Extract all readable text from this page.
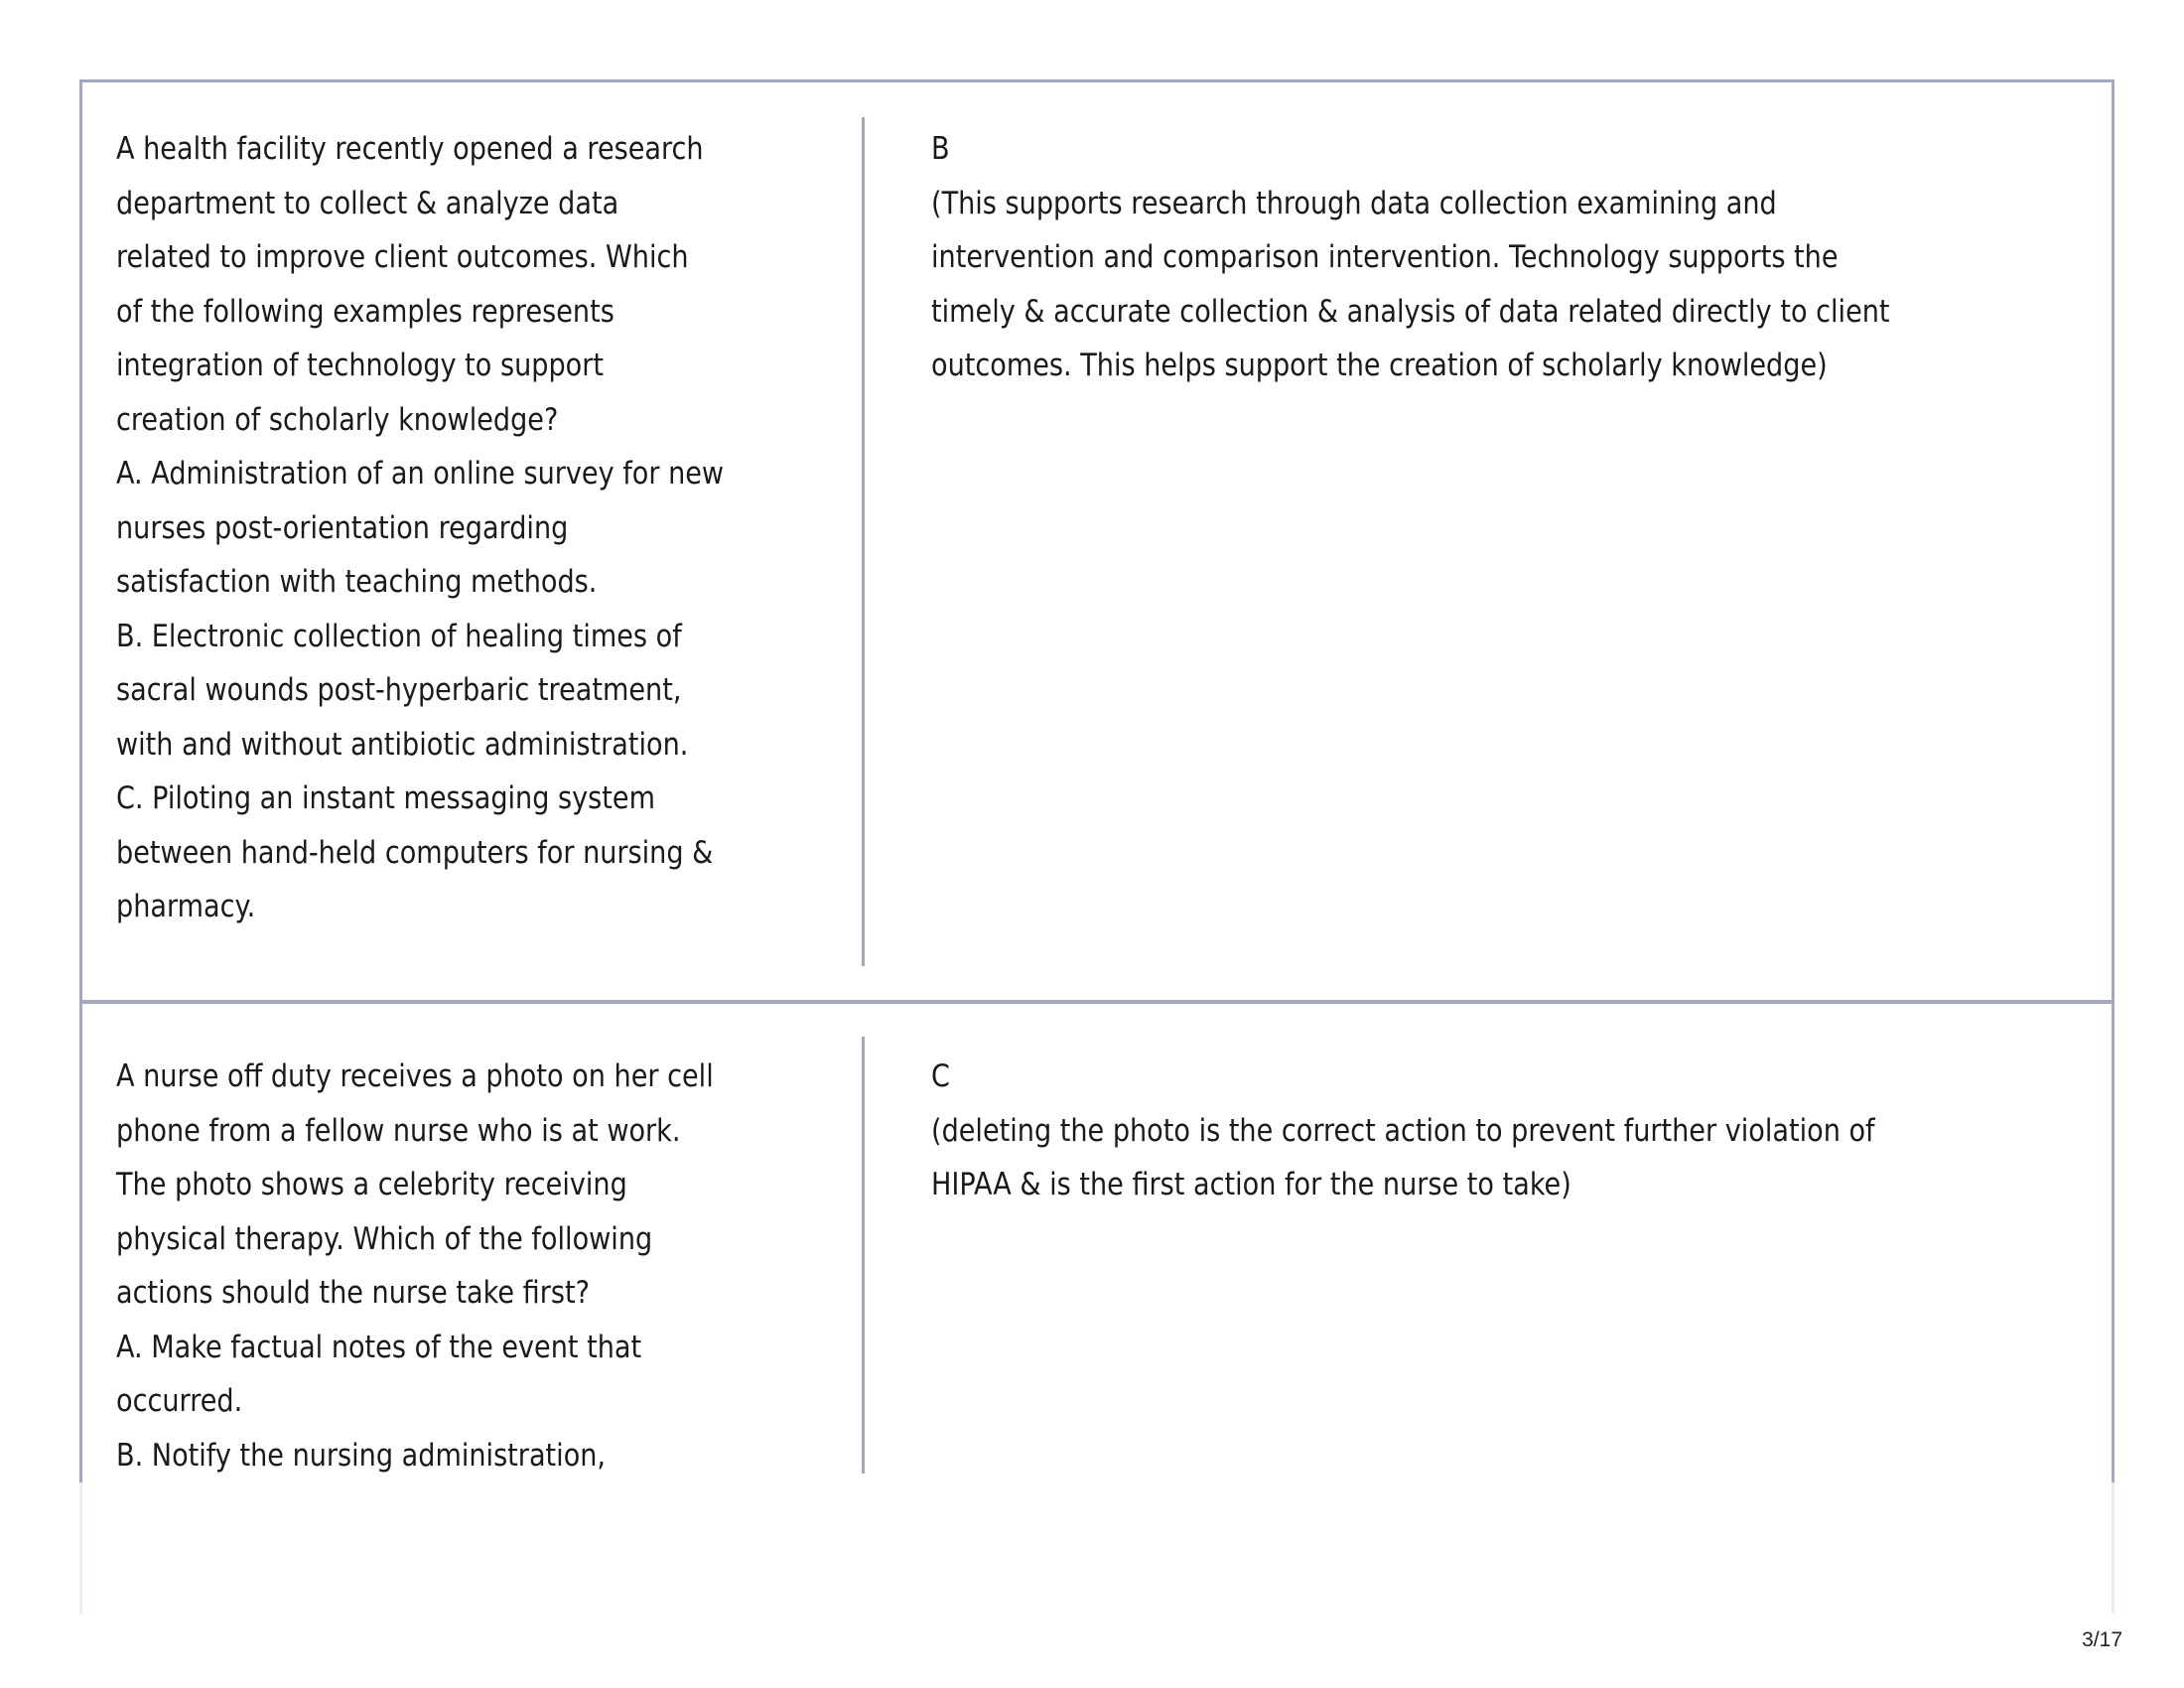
A health facility recently opened a research
department to collect & analyze data
related to improve client outcomes. Which
of the following examples represents
integration of technology to support
creation of scholarly knowledge?
A. Administration of an online survey for new
nurses post-orientation regarding
satisfaction with teaching methods.
B. Electronic collection of healing times of
sacral wounds post-hyperbaric treatment,
with and without antibiotic administration.
C. Piloting an instant messaging system
between hand-held computers for nursing &
pharmacy.
B
(This supports research through data collection examining and
intervention and comparison intervention. Technology supports the
timely & accurate collection & analysis of data related directly to client
outcomes. This helps support the creation of scholarly knowledge)
A nurse off duty receives a photo on her cell
phone from a fellow nurse who is at work.
The photo shows a celebrity receiving
physical therapy. Which of the following
actions should the nurse take first?
A. Make factual notes of the event that
occurred.
B. Notify the nursing administration,
C
(deleting the photo is the correct action to prevent further violation of
HIPAA & is the first action for the nurse to take)
3/17
